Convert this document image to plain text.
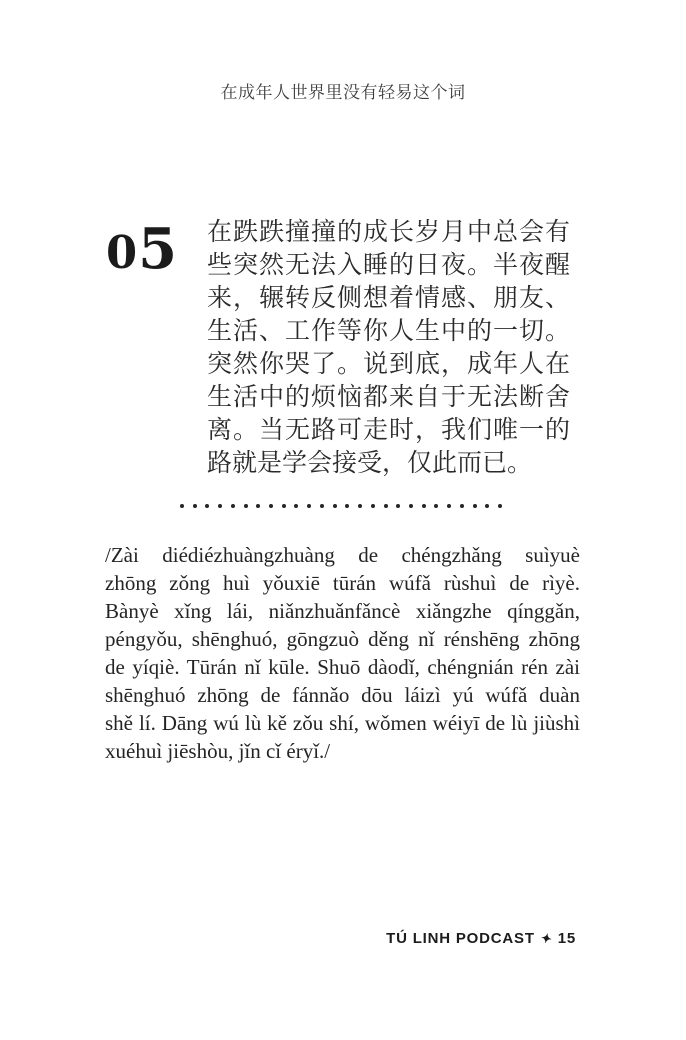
在成年人世界里没有轻易这个词
05 在跌跌撞撞的成长岁月中总会有
些突然无法入睡的日夜。半夜醒
来，辗转反侧想着情感、朋友、
生活、工作等你人生中的一切。
突然你哭了。说到底，成年人在
生活中的烦恼都来自于无法断舍
离。当无路可走时，我们唯一的
路就是学会接受，仅此而已。
/Zài diédiézhuàngzhuàng de chéngzhǎng suìyuè
zhōng zǒng huì yǒuxiē tūrán wúfǎ rùshuì de rìyè.
Bànyè xǐng lái, niǎnzhuǎnfǎncè xiǎngzhe qínggǎn,
péngyǒu, shēnghuó, gōngzuò děng nǐ rénshēng zhōng
de yíqiè. Tūrán nǐ kūle. Shuō dàodǐ, chéngnián rén zài
shēnghuó zhōng de fánnǎo dōu láizì yú wúfǎ duàn
shě lí. Dāng wú lù kě zǒu shí, wǒmen wéiyī de lù jiùshì
xuéhuì jiēshòu, jǐn cǐ éryǐ./
TÚ LINH PODCAST ✦ 15
